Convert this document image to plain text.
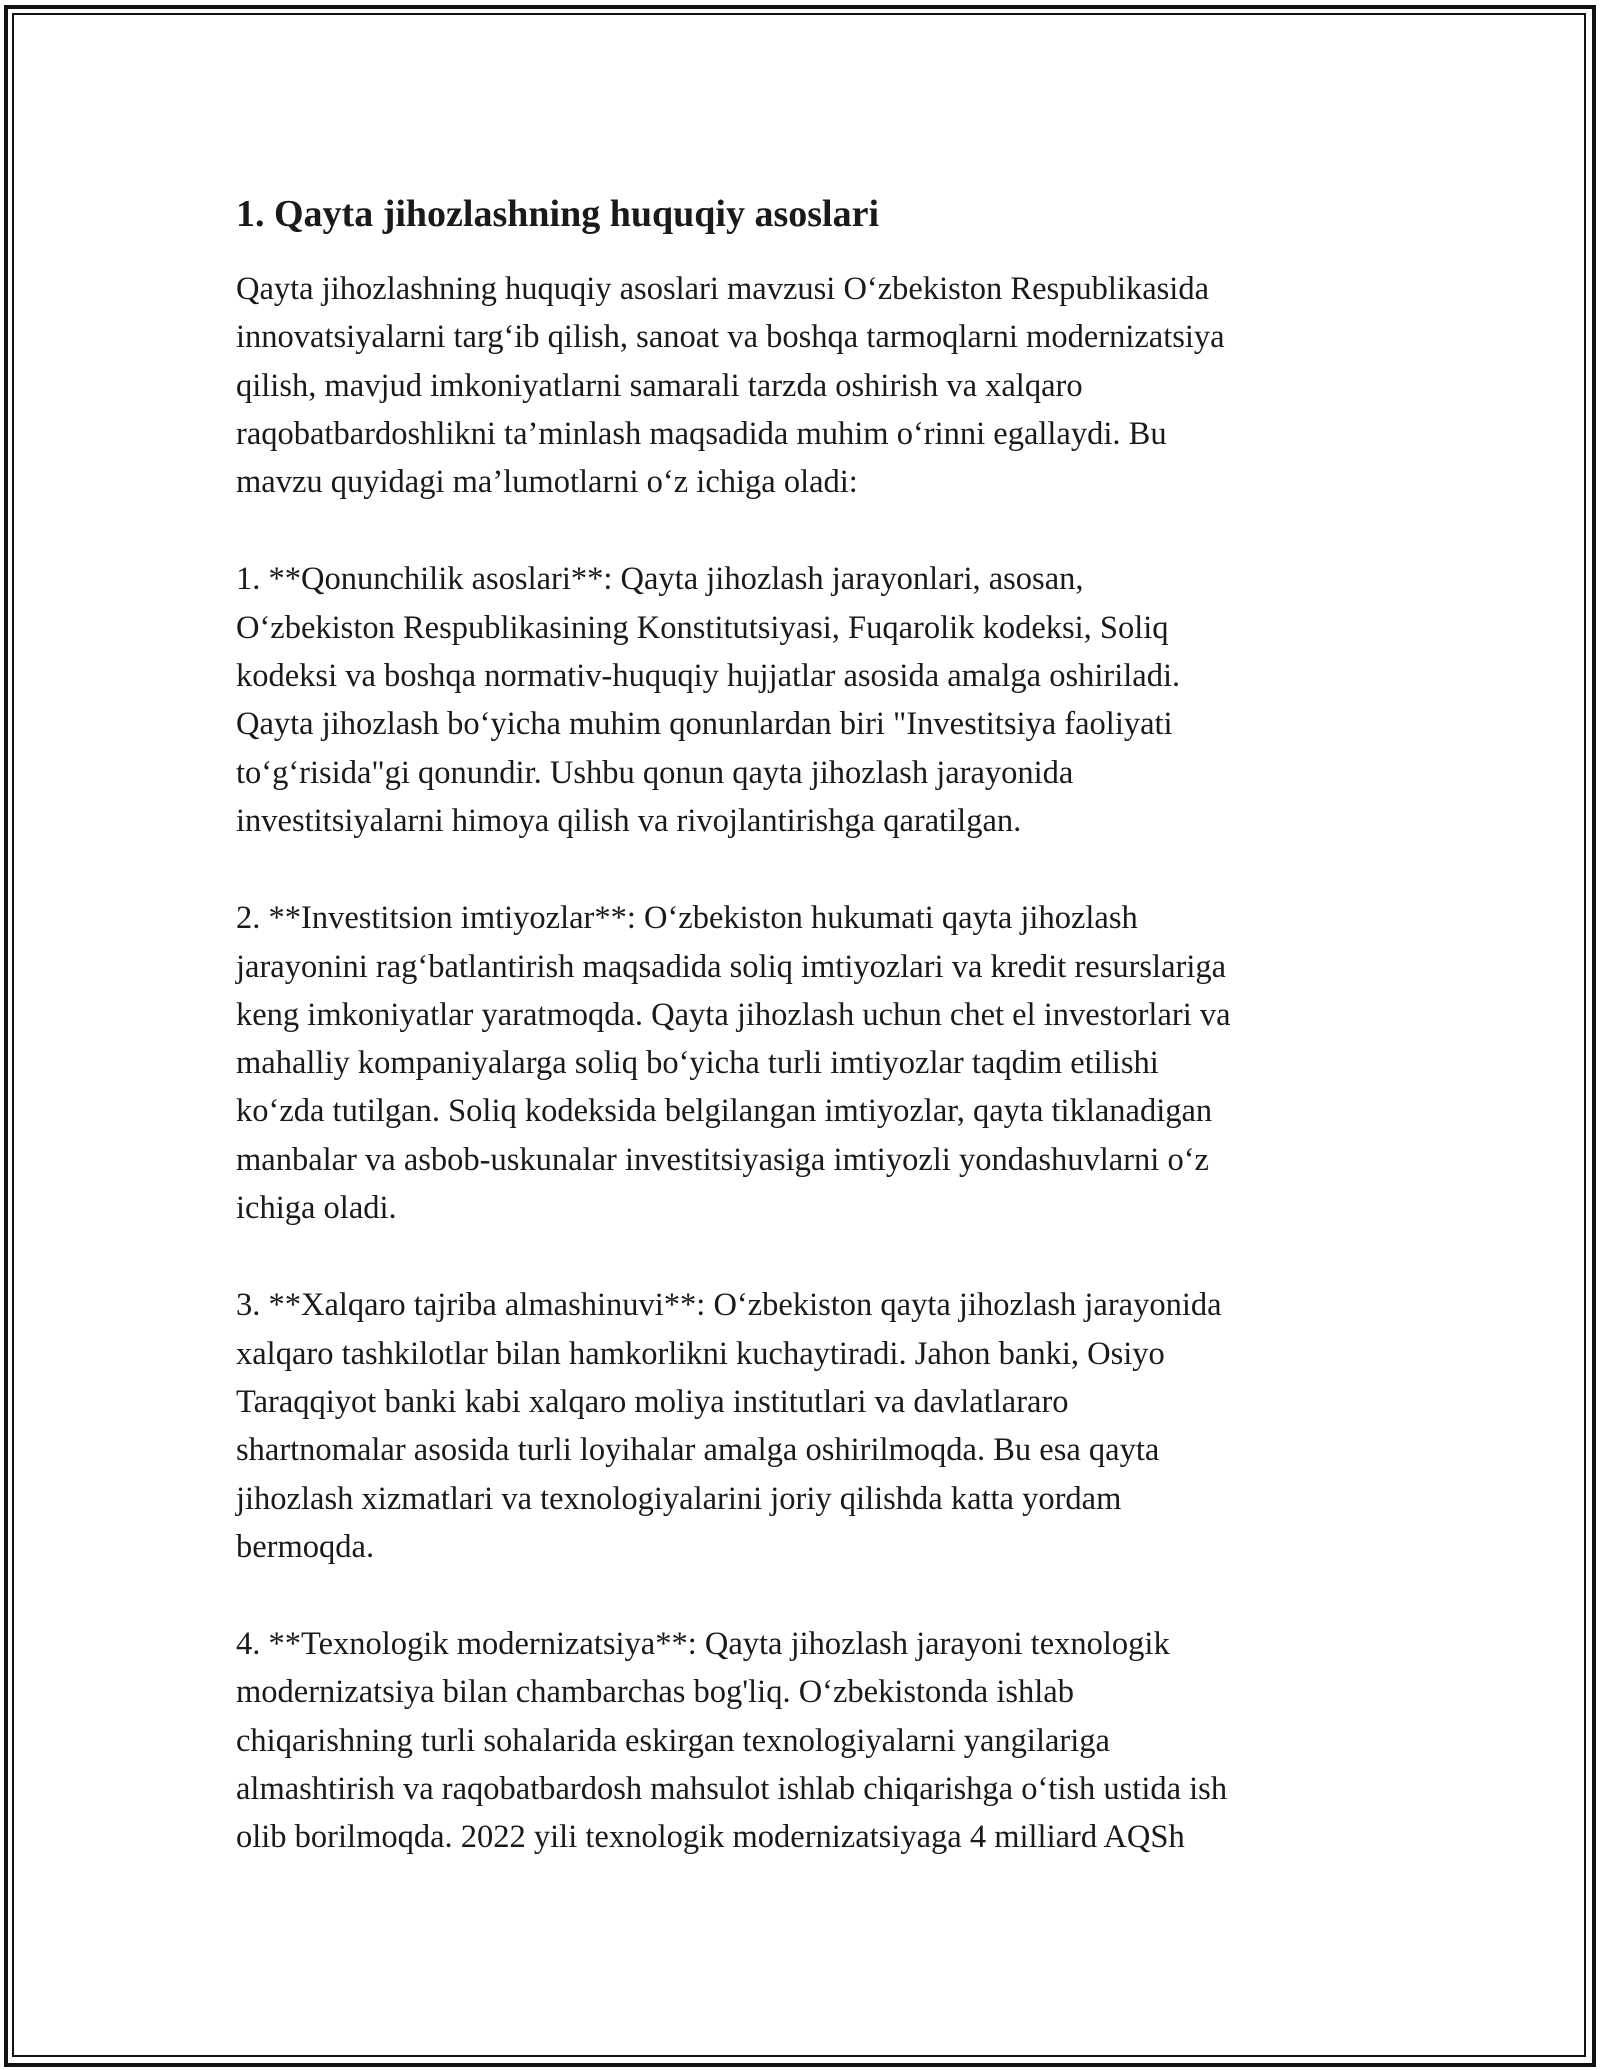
1. Qayta jihozlashning huquqiy asoslari

Qayta jihozlashning huquqiy asoslari mavzusi O‘zbekiston Respublikasida
innovatsiyalarni targ‘ib qilish, sanoat va boshqa tarmoqlarni modernizatsiya
qilish, mavjud imkoniyatlarni samarali tarzda oshirish va xalqaro
raqobatbardoshlikni ta’minlash maqsadida muhim o‘rinni egallaydi. Bu
mavzu quyidagi ma’lumotlarni o‘z ichiga oladi:

1. **Qonunchilik asoslari**: Qayta jihozlash jarayonlari, asosan,
O‘zbekiston Respublikasining Konstitutsiyasi, Fuqarolik kodeksi, Soliq
kodeksi va boshqa normativ-huquqiy hujjatlar asosida amalga oshiriladi.
Qayta jihozlash bo‘yicha muhim qonunlardan biri "Investitsiya faoliyati
to‘g‘risida"gi qonundir. Ushbu qonun qayta jihozlash jarayonida
investitsiyalarni himoya qilish va rivojlantirishga qaratilgan.

2. **Investitsion imtiyozlar**: O‘zbekiston hukumati qayta jihozlash
jarayonini rag‘batlantirish maqsadida soliq imtiyozlari va kredit resurslariga
keng imkoniyatlar yaratmoqda. Qayta jihozlash uchun chet el investorlari va
mahalliy kompaniyalarga soliq bo‘yicha turli imtiyozlar taqdim etilishi
ko‘zda tutilgan. Soliq kodeksida belgilangan imtiyozlar, qayta tiklanadigan
manbalar va asbob-uskunalar investitsiyasiga imtiyozli yondashuvlarni o‘z
ichiga oladi.

3. **Xalqaro tajriba almashinuvi**: O‘zbekiston qayta jihozlash jarayonida
xalqaro tashkilotlar bilan hamkorlikni kuchaytiradi. Jahon banki, Osiyo
Taraqqiyot banki kabi xalqaro moliya institutlari va davlatlararo
shartnomalar asosida turli loyihalar amalga oshirilmoqda. Bu esa qayta
jihozlash xizmatlari va texnologiyalarini joriy qilishda katta yordam
bermoqda.

4. **Texnologik modernizatsiya**: Qayta jihozlash jarayoni texnologik
modernizatsiya bilan chambarchas bog'liq. O‘zbekistonda ishlab
chiqarishning turli sohalarida eskirgan texnologiyalarni yangilariga
almashtirish va raqobatbardosh mahsulot ishlab chiqarishga o‘tish ustida ish
olib borilmoqda. 2022 yili texnologik modernizatsiyaga 4 milliard AQSh
